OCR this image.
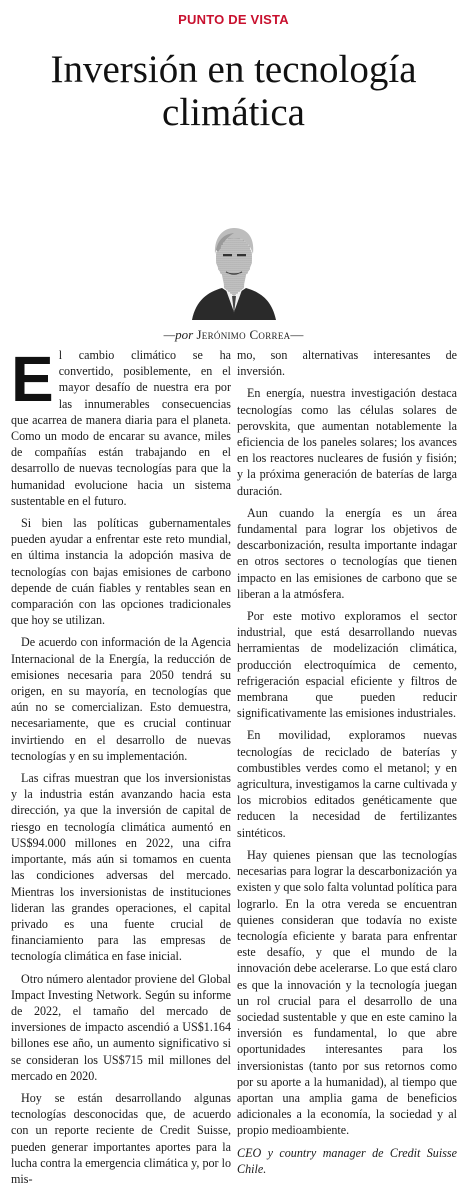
PUNTO DE VISTA
Inversión en tecnología climática
—por Jerónimo Correa—

El cambio climático se ha convertido, posiblemente, en el mayor desafío de nuestra era por las innumerables consecuencias que acarrea de manera diaria para el planeta. Como un modo de encarar su avance, miles de compañías están trabajando en el desarrollo de nuevas tecnologías para que la humanidad evolucione hacia un sistema sustentable en el futuro.

Si bien las políticas gubernamentales pueden ayudar a enfrentar este reto mundial, en última instancia la adopción masiva de tecnologías con bajas emisiones de carbono depende de cuán fiables y rentables sean en comparación con las opciones tradicionales que hoy se utilizan.

De acuerdo con información de la Agencia Internacional de la Energía, la reducción de emisiones necesaria para 2050 tendrá su origen, en su mayoría, en tecnologías que aún no se comercializan. Esto demuestra, necesariamente, que es crucial continuar invirtiendo en el desarrollo de nuevas tecnologías y en su implementación.

Las cifras muestran que los inversionistas y la industria están avanzando hacia esta dirección, ya que la inversión de capital de riesgo en tecnología climática aumentó en US$94.000 millones en 2022, una cifra importante, más aún si tomamos en cuenta las condiciones adversas del mercado. Mientras los inversionistas de instituciones lideran las grandes operaciones, el capital privado es una fuente crucial de financiamiento para las empresas de tecnología climática en fase inicial.

Otro número alentador proviene del Global Impact Investing Network. Según su informe de 2022, el tamaño del mercado de inversiones de impacto ascendió a US$1.164 billones ese año, un aumento significativo si se consideran los US$715 mil millones del mercado en 2020.

Hoy se están desarrollando algunas tecnologías desconocidas que, de acuerdo con un reporte reciente de Credit Suisse, pueden generar importantes aportes para la lucha contra la emergencia climática y, por lo mis-

mo, son alternativas interesantes de inversión.

En energía, nuestra investigación destaca tecnologías como las células solares de perovskita, que aumentan notablemente la eficiencia de los paneles solares; los avances en los reactores nucleares de fusión y fisión; y la próxima generación de baterías de larga duración.

Aun cuando la energía es un área fundamental para lograr los objetivos de descarbonización, resulta importante indagar en otros sectores o tecnologías que tienen impacto en las emisiones de carbono que se liberan a la atmósfera.

Por este motivo exploramos el sector industrial, que está desarrollando nuevas herramientas de modelización climática, producción electroquímica de cemento, refrigeración espacial eficiente y filtros de membrana que pueden reducir significativamente las emisiones industriales.

En movilidad, exploramos nuevas tecnologías de reciclado de baterías y combustibles verdes como el metanol; y en agricultura, investigamos la carne cultivada y los microbios editados genéticamente que reducen la necesidad de fertilizantes sintéticos.

Hay quienes piensan que las tecnologías necesarias para lograr la descarbonización ya existen y que solo falta voluntad política para lograrlo. En la otra vereda se encuentran quienes consideran que todavía no existe tecnología eficiente y barata para enfrentar este desafío, y que el mundo de la innovación debe acelerarse. Lo que está claro es que la innovación y la tecnología juegan un rol crucial para el desarrollo de una sociedad sustentable y que en este camino la inversión es fundamental, lo que abre oportunidades interesantes para los inversionistas (tanto por sus retornos como por su aporte a la humanidad), al tiempo que aportan una amplia gama de beneficios adicionales a la economía, la sociedad y al propio medioambiente.

CEO y country manager de Credit Suisse Chile.
